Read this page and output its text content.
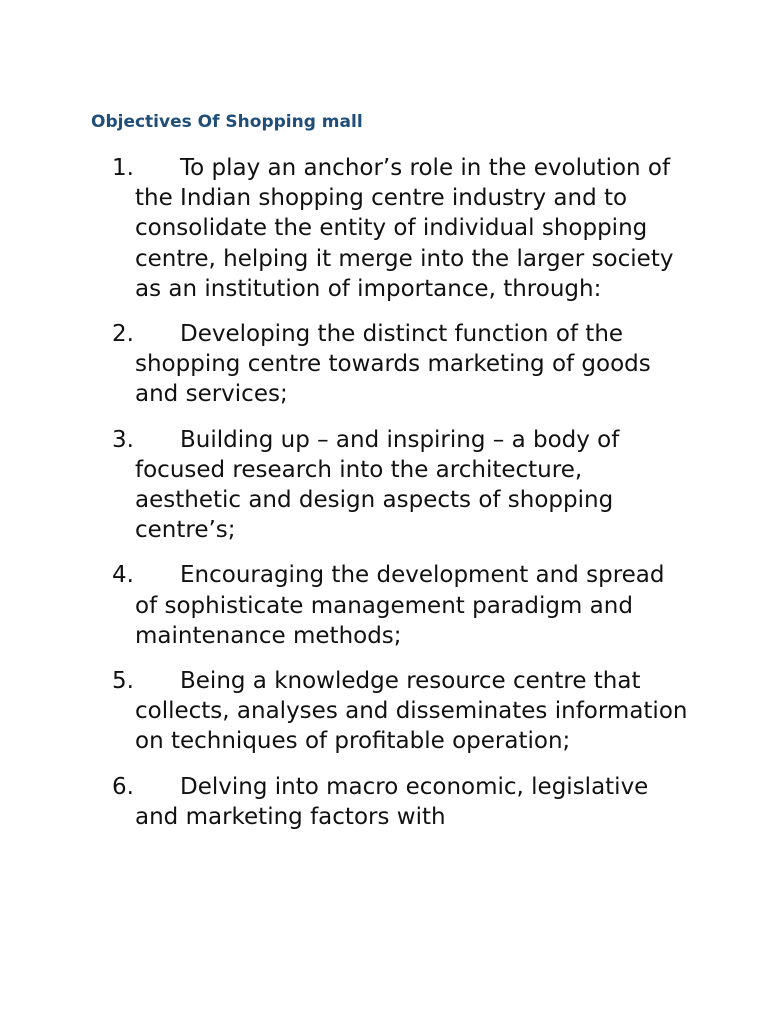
Objectives Of Shopping mall
1.	To play an anchor’s role in the evolution of the Indian shopping centre industry and to consolidate the entity of individual shopping centre, helping it merge into the larger society as an institution of importance, through:
2.	Developing the distinct function of the shopping centre towards marketing of goods and services;
3.	Building up – and inspiring – a body of focused research into the architecture, aesthetic and design aspects of shopping centre’s;
4.	Encouraging the development and spread of sophisticate management paradigm and maintenance methods;
5.	Being a knowledge resource centre that collects, analyses and disseminates information on techniques of profitable operation;
6.	Delving into macro economic, legislative and marketing factors with
